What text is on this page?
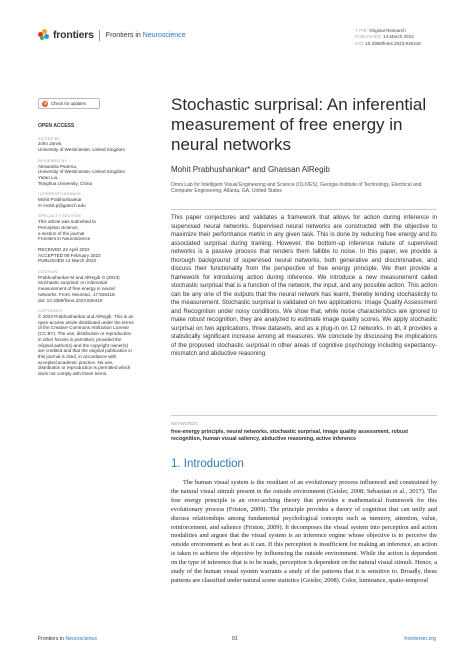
frontiers Frontiers in Neuroscience
TYPE Original Research
PUBLISHED 14 March 2023
DOI 10.3389/fnins.2023.926418
Check for updates
OPEN ACCESS
EDITED BY
John Jarvis,
University of Westminster, United Kingdom
REVIEWED BY
Alexandra Psarrou,
University of Westminster, United Kingdom
Yutao Liu,
Tsinghua University, China
*CORRESPONDENCE
Mohit Prabhushankar
✉ mohit.p@gatech.edu
SPECIALTY SECTION
This article was submitted to
Perception Science,
a section of the journal
Frontiers in Neuroscience
RECEIVED 22 April 2022
ACCEPTED 09 February 2023
PUBLISHED 14 March 2023
CITATION
Prabhushankar M and AlRegib G (2023)
Stochastic surprisal: An inferential
measurement of free energy in neural
networks. Front. Neurosci. 17:926418.
doi: 10.3389/fnins.2023.926418
COPYRIGHT
© 2023 Prabhushankar and AlRegib. This is an
open-access article distributed under the terms
of the Creative Commons Attribution License
(CC BY). The use, distribution or reproduction
in other forums is permitted, provided the
original author(s) and the copyright owner(s)
are credited and that the original publication in
this journal is cited, in accordance with
accepted academic practice. No use,
distribution or reproduction is permitted which
does not comply with these terms.
Stochastic surprisal: An inferential measurement of free energy in neural networks
Mohit Prabhushankar* and Ghassan AlRegib
Omni Lab for Intelligent Visual Engineering and Science (OLIVES), Georgia Institute of Technology, Electrical and Computer Engineering, Atlanta, GA, United States
This paper conjectures and validates a framework that allows for action during inference in supervised neural networks. Supervised neural networks are constructed with the objective to maximize their performance metric in any given task. This is done by reducing free energy and its associated surprisal during training. However, the bottom-up inference nature of supervised networks is a passive process that renders them fallible to noise. In this paper, we provide a thorough background of supervised neural networks, both generative and discriminative, and discuss their functionality from the perspective of free energy principle. We then provide a framework for introducing action during inference. We introduce a new measurement called stochastic surprisal that is a function of the network, the input, and any possible action. This action can be any one of the outputs that the neural network has learnt, thereby lending stochasticity to the measurement. Stochastic surprisal is validated on two applications: Image Quality Assessment and Recognition under noisy conditions. We show that, while noise characteristics are ignored to make robust recognition, they are analyzed to estimate image quality scores. We apply stochastic surprisal on two applications, three datasets, and as a plug-in on 12 networks. In all, it provides a statistically significant increase among all measures. We conclude by discussing the implications of the proposed stochastic surprisal in other areas of cognitive psychology including expectancy-mismatch and abductive reasoning.
KEYWORDS
free-energy principle, neural networks, stochastic surprisal, image quality assessment, robust recognition, human visual saliency, abductive reasoning, active inference
1. Introduction

The human visual system is the resultant of an evolutionary process influenced and constrained by the natural visual stimuli present in the outside environment (Geisler, 2008; Sebastian et al., 2017). The free energy principle is an over-arching theory that provides a mathematical framework for this evolutionary process (Friston, 2009). The principle provides a theory of cognition that can unify and discuss relationships among fundamental psychological concepts such as memory, attention, value, reinforcement, and salience (Friston, 2009). It decomposes the visual system into perception and action modalities and argues that the visual system is an inference engine whose objective is to perceive the outside environment as best as it can. If this perception is insufficient for making an inference, an action is taken to achieve the objective by influencing the outside environment. While the action is dependent on the type of inference that is to be made, perception is dependent on the natural visual stimuli. Hence, a study of the human visual system warrants a study of the patterns that it is sensitive to. Broadly, these patterns are classified under natural scene statistics (Geisler, 2008). Color, luminance, spatio-temporal

Frontiers in Neuroscience	01	frontiersin.org
